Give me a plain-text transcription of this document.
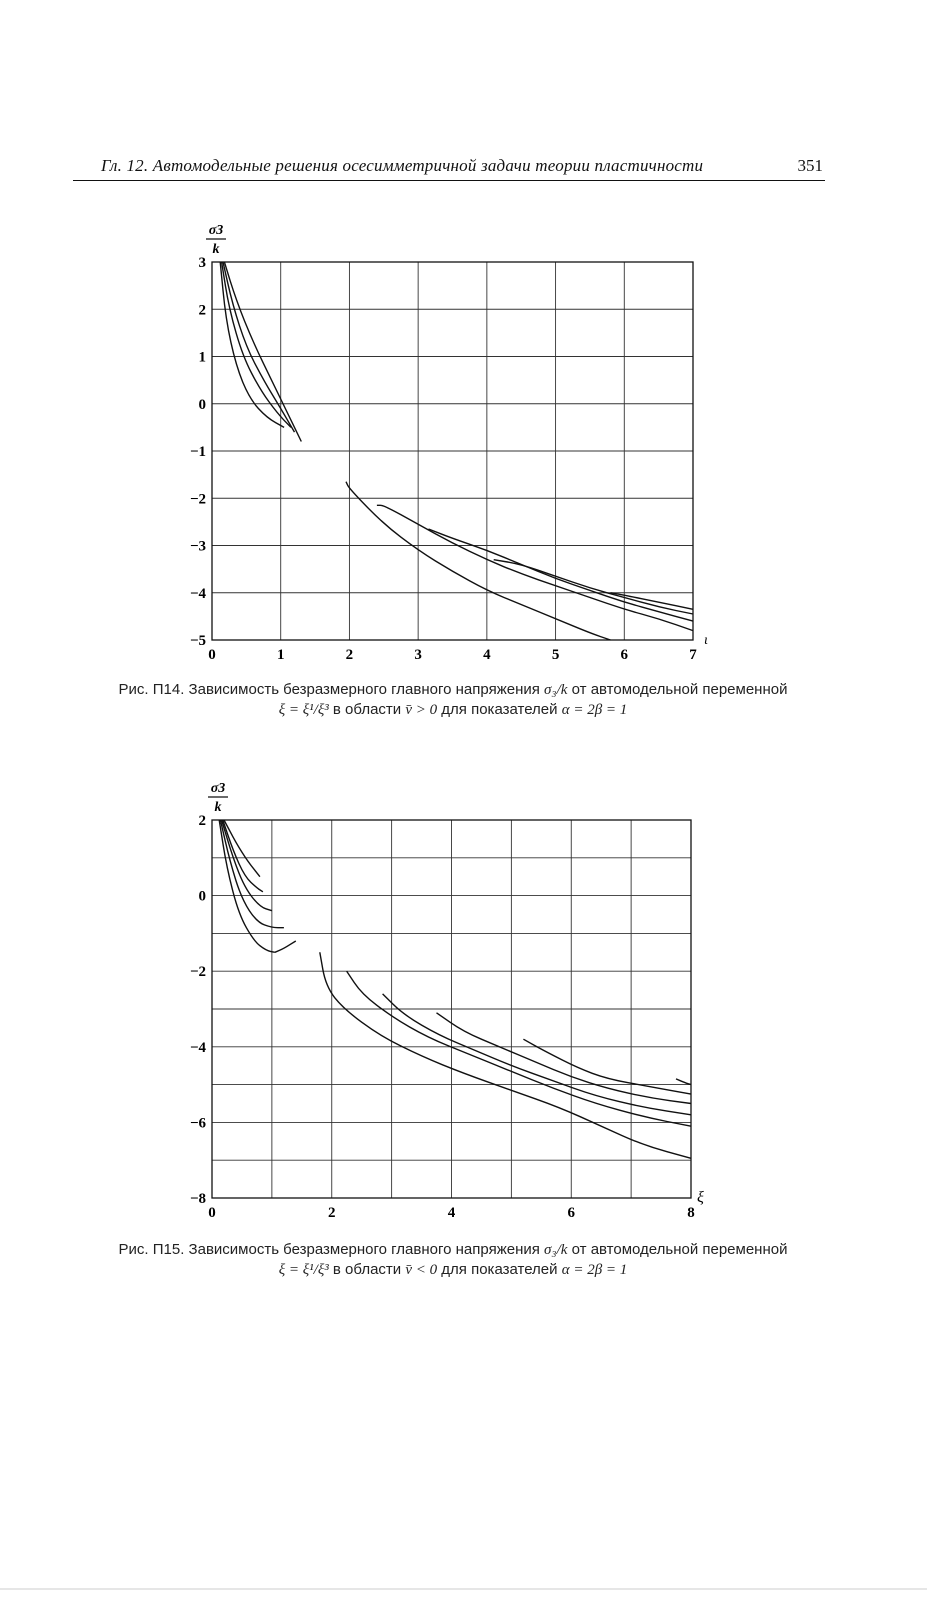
Гл. 12. Автомодельные решения осесимметричной задачи теории пластичности	351
0	1	2	3	4	5	6	7
3
2
1
0
−1
−2
−3
−4
−5
σ3
k
ι
Рис. П14. Зависимость безразмерного главного напряжения σ₃/k от автомодельной переменной
ξ = ξ¹/ξ³ в области v̄ > 0 для показателей α = 2β = 1
0	2	4	6	8
2
0
−2
−4
−6
−8
σ3
k
ξ
Рис. П15. Зависимость безразмерного главного напряжения σ₃/k от автомодельной переменной
ξ = ξ¹/ξ³ в области v̄ < 0 для показателей α = 2β = 1
